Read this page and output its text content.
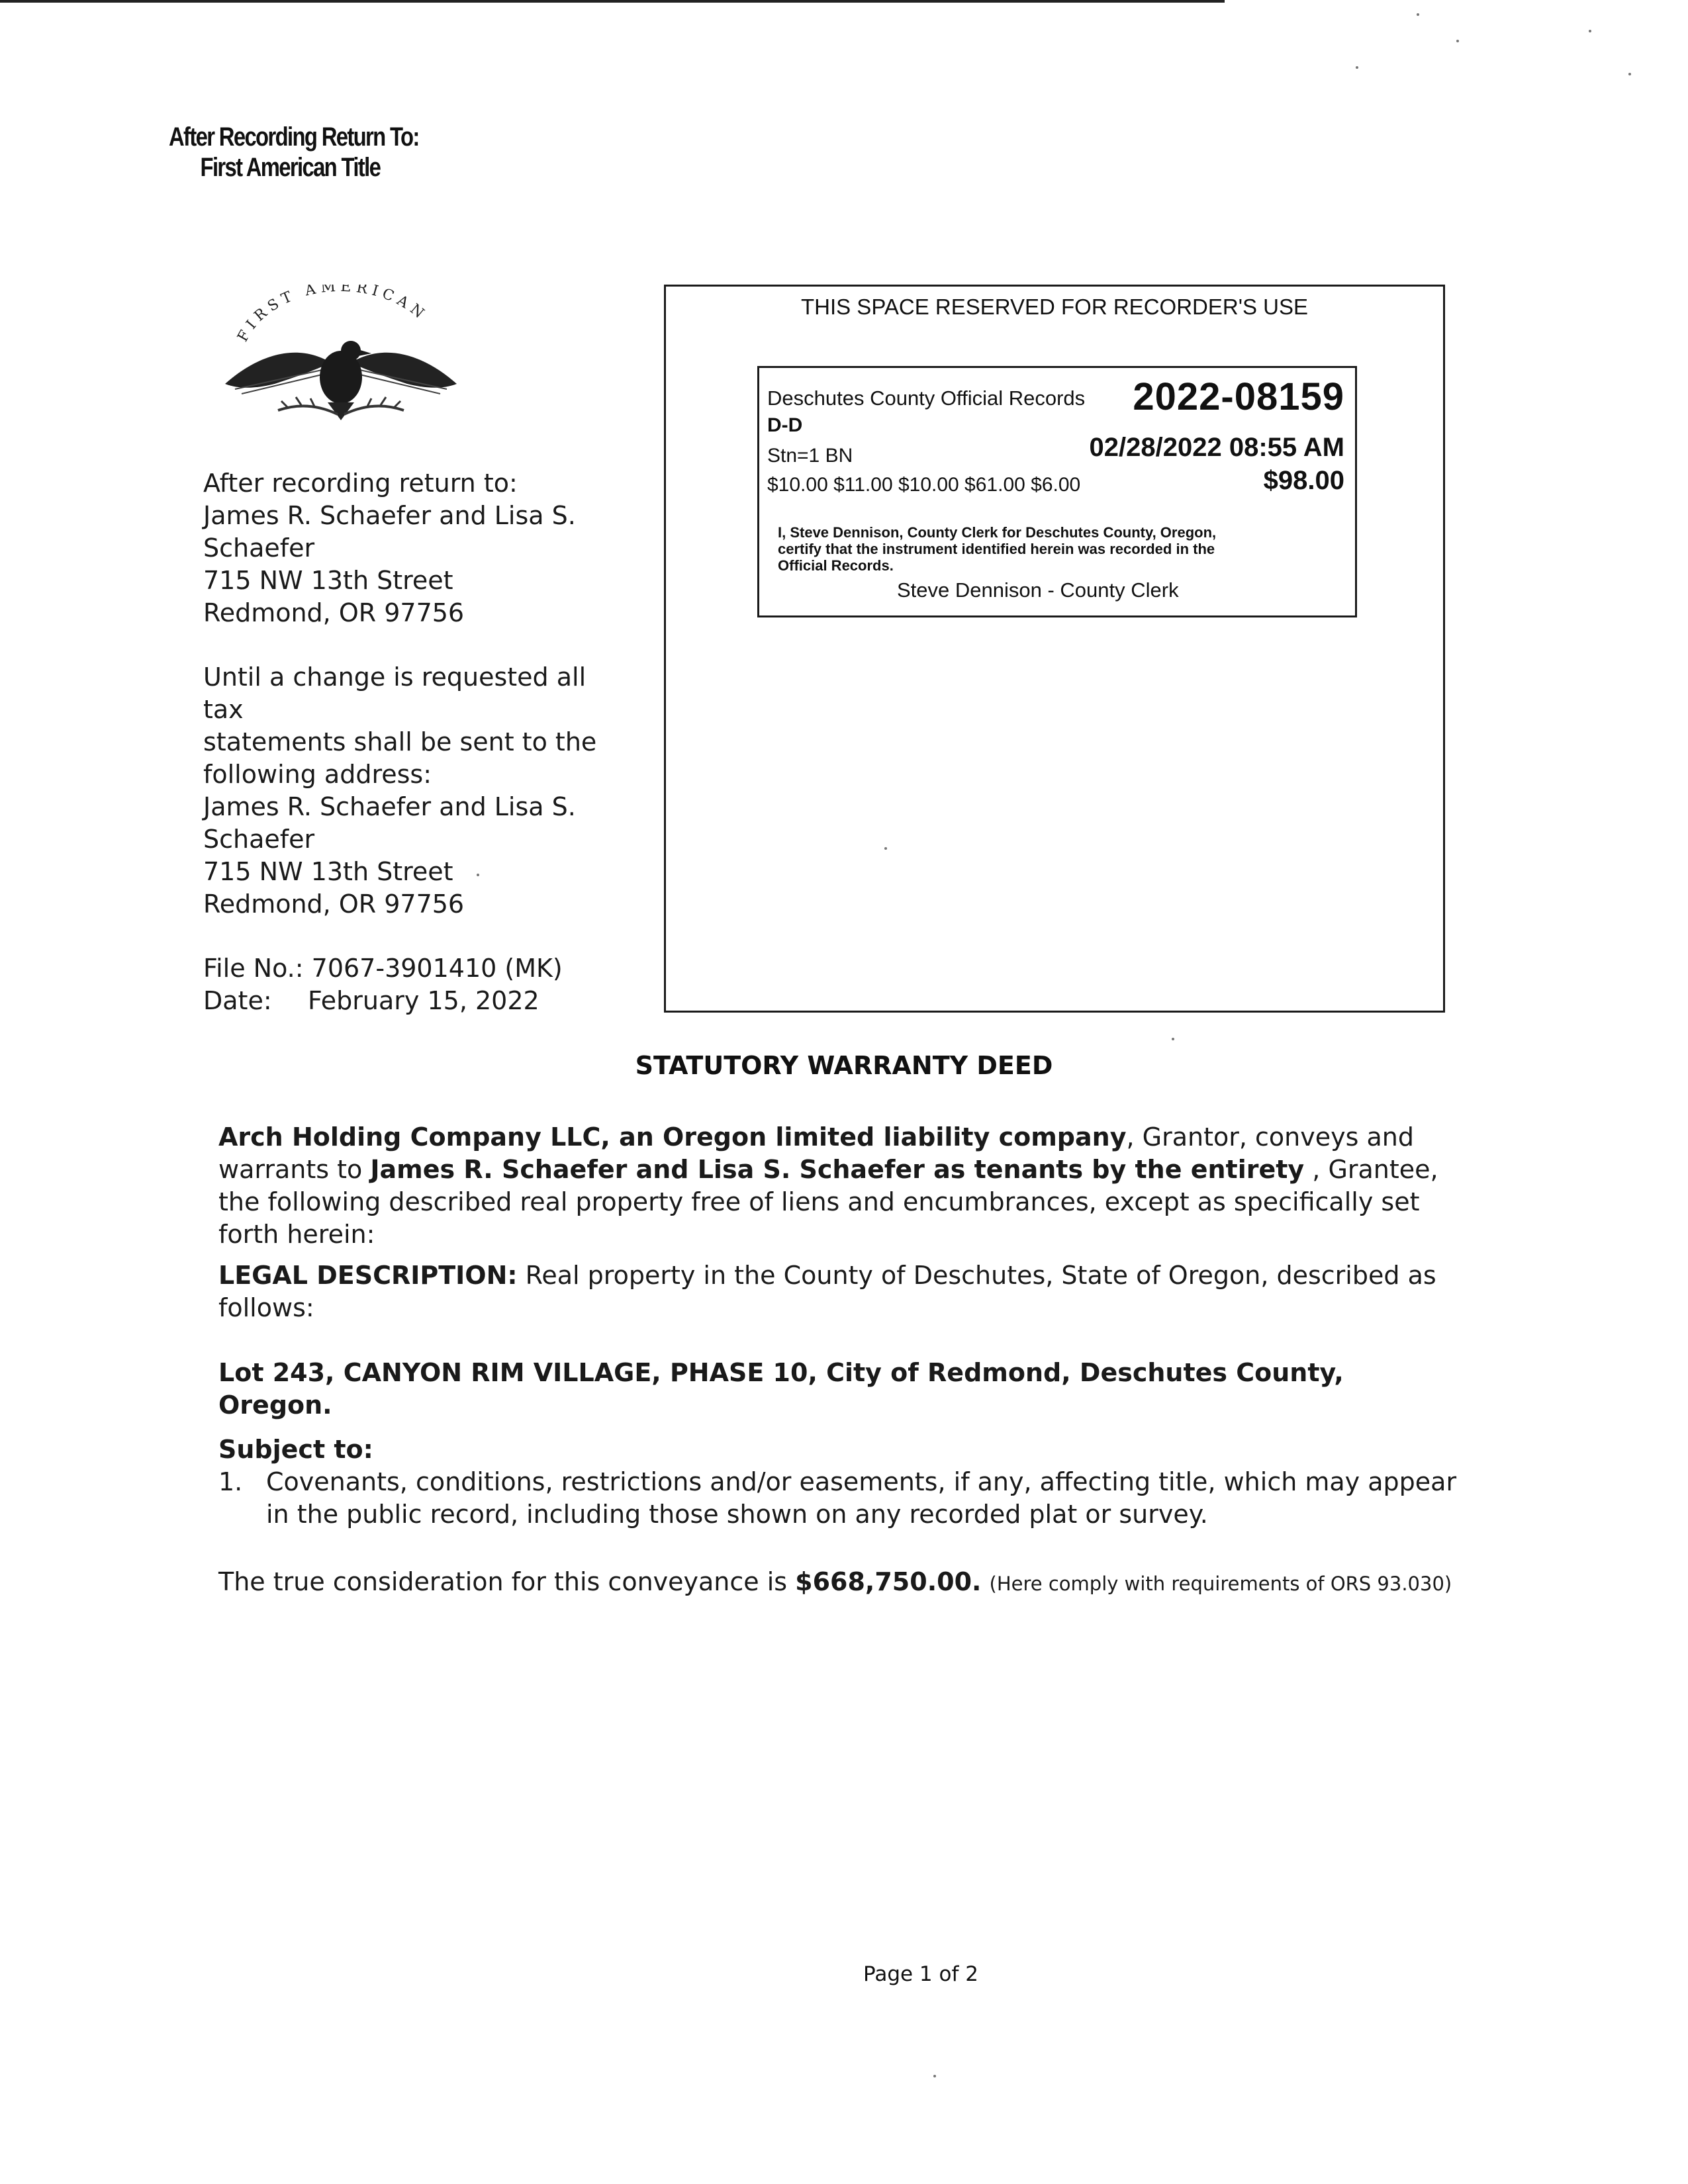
After Recording Return To:
First American Title
FIRST AMERICAN
After recording return to:
James R. Schaefer and Lisa S.
Schaefer
715 NW 13th Street
Redmond, OR 97756
Until a change is requested all tax
statements shall be sent to the
following address:
James R. Schaefer and Lisa S.
Schaefer
715 NW 13th Street
Redmond, OR 97756
File No.: 7067-3901410 (MK)
Date: February 15, 2022
THIS SPACE RESERVED FOR RECORDER'S USE
Deschutes County Official Records 2022-08159
D-D
Stn=1 BN	02/28/2022 08:55 AM
$10.00 $11.00 $10.00 $61.00 $6.00	$98.00
I, Steve Dennison, County Clerk for Deschutes County, Oregon,
certify that the instrument identified herein was recorded in the
Official Records.
Steve Dennison - County Clerk
STATUTORY WARRANTY DEED
Arch Holding Company LLC, an Oregon limited liability company, Grantor, conveys and warrants to James R. Schaefer and Lisa S. Schaefer as tenants by the entirety , Grantee, the following described real property free of liens and encumbrances, except as specifically set forth herein:
LEGAL DESCRIPTION: Real property in the County of Deschutes, State of Oregon, described as follows:
Lot 243, CANYON RIM VILLAGE, PHASE 10, City of Redmond, Deschutes County, Oregon.
Subject to:
1. Covenants, conditions, restrictions and/or easements, if any, affecting title, which may appear in the public record, including those shown on any recorded plat or survey.
The true consideration for this conveyance is $668,750.00. (Here comply with requirements of ORS 93.030)
Page 1 of 2
